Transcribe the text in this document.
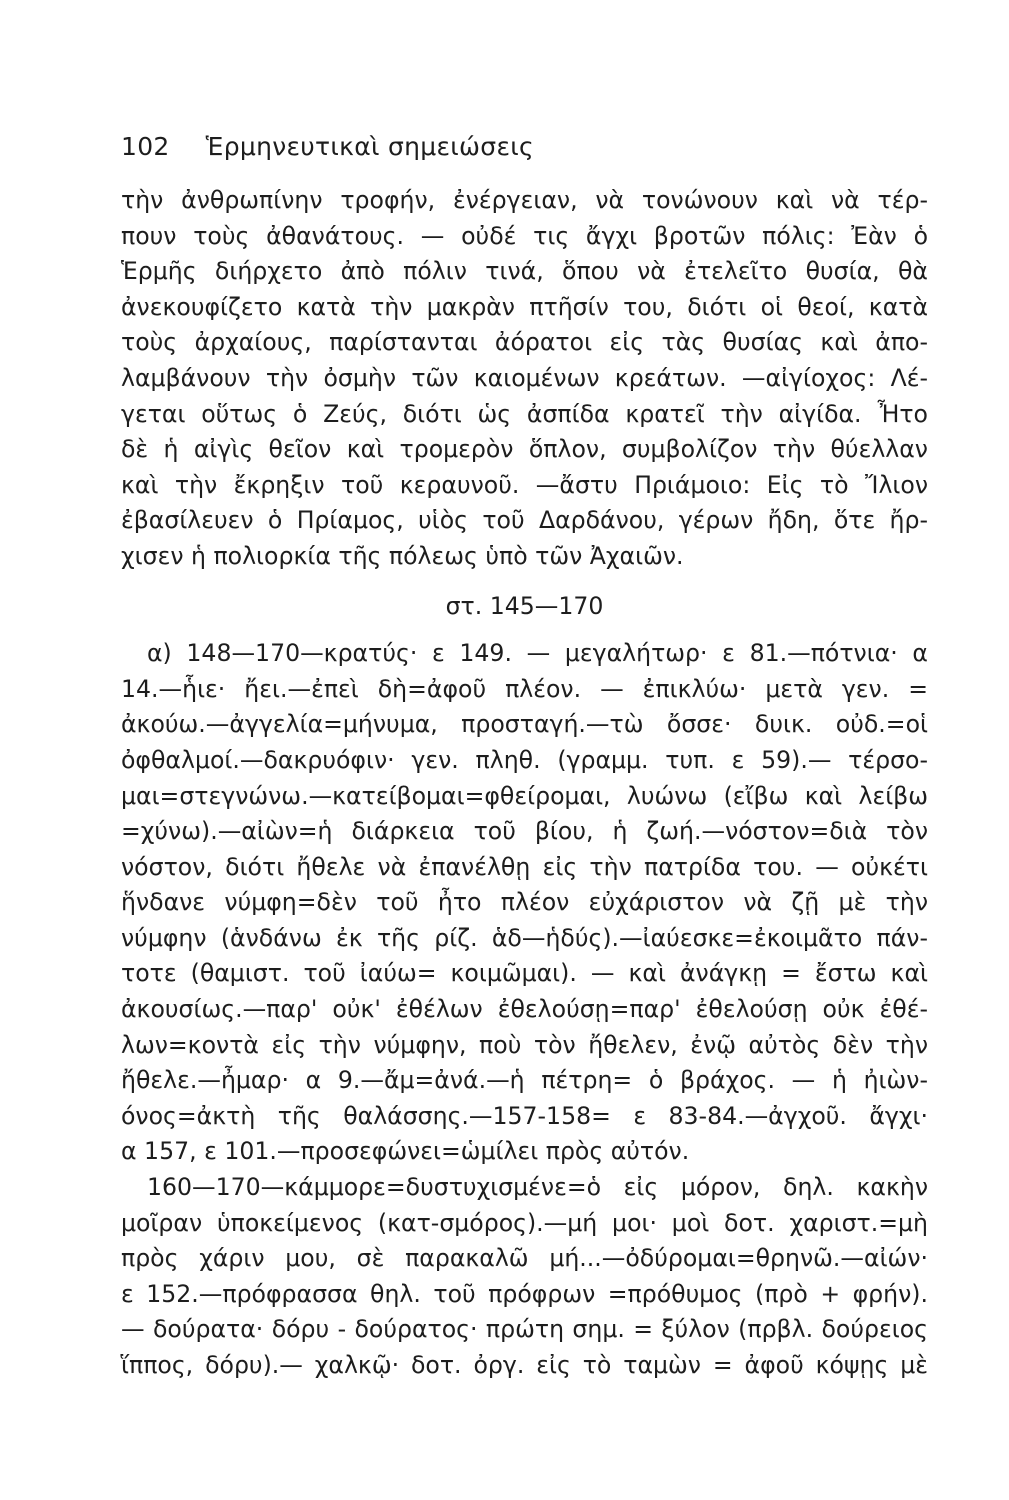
102 Ἑρμηνευτικαὶ σημειώσεις
τὴν ἀνθρωπίνην τροφήν, ἐνέργειαν, νὰ τονώνουν καὶ νὰ τέρ-
πουν τοὺς ἀθανάτους. — οὐδέ τις ἄγχι βροτῶν πόλις: Ἐὰν ὁ
Ἑρμῆς διήρχετο ἀπὸ πόλιν τινά, ὅπου νὰ ἐτελεῖτο θυσία, θὰ
ἀνεκουφίζετο κατὰ τὴν μακρὰν πτῆσίν του, διότι οἱ θεοί, κατὰ
τοὺς ἀρχαίους, παρίστανται ἀόρατοι εἰς τὰς θυσίας καὶ ἀπο-
λαμβάνουν τὴν ὀσμὴν τῶν καιομένων κρεάτων. —αἰγίοχος: Λέ-
γεται οὕτως ὁ Ζεύς, διότι ὡς ἀσπίδα κρατεῖ τὴν αἰγίδα. Ἦτο
δὲ ἡ αἰγὶς θεῖον καὶ τρομερὸν ὅπλον, συμβολίζον τὴν θύελλαν
καὶ τὴν ἔκρηξιν τοῦ κεραυνοῦ. —ἄστυ Πριάμοιο: Εἰς τὸ Ἴλιον
ἐβασίλευεν ὁ Πρίαμος, υἱὸς τοῦ Δαρδάνου, γέρων ἤδη, ὅτε ἤρ-
χισεν ἡ πολιορκία τῆς πόλεως ὑπὸ τῶν Ἀχαιῶν.
στ. 145—170
α) 148—170—κρατύς· ε 149. — μεγαλήτωρ· ε 81.—πότνια· α
14.—ἧιε· ἤει.—ἐπεὶ δὴ=ἀφοῦ πλέον. — ἐπικλύω· μετὰ γεν. =
ἀκούω.—ἀγγελία=μήνυμα, προσταγή.—τὼ ὄσσε· δυικ. οὐδ.=οἱ
ὀφθαλμοί.—δακρυόφιν· γεν. πληθ. (γραμμ. τυπ. ε 59).— τέρσο-
μαι=στεγνώνω.—κατείβομαι=φθείρομαι, λυώνω (εἴβω καὶ λείβω
=χύνω).—αἰὼν=ἡ διάρκεια τοῦ βίου, ἡ ζωή.—νόστον=διὰ τὸν
νόστον, διότι ἤθελε νὰ ἐπανέλθῃ εἰς τὴν πατρίδα του. — οὐκέτι
ἥνδανε νύμφη=δὲν τοῦ ἦτο πλέον εὐχάριστον νὰ ζῇ μὲ τὴν
νύμφην (ἁνδάνω ἐκ τῆς ρίζ. ἁδ—ἡδύς).—ἰαύεσκε=ἐκοιμᾶτο πάν-
τοτε (θαμιστ. τοῦ ἰαύω= κοιμῶμαι). — καὶ ἀνάγκῃ = ἔστω καὶ
ἀκουσίως.—παρ' οὐκ' ἐθέλων ἐθελούσῃ=παρ' ἐθελούσῃ οὐκ ἐθέ-
λων=κοντὰ εἰς τὴν νύμφην, ποὺ τὸν ἤθελεν, ἐνῷ αὐτὸς δὲν τὴν
ἤθελε.—ἦμαρ· α 9.—ἄμ=ἀνά.—ἡ πέτρη= ὁ βράχος. — ἡ ἠιὼν-
όνος=ἀκτὴ τῆς θαλάσσης.—157-158= ε 83-84.—ἀγχοῦ. ἄγχι·
α 157, ε 101.—προσεφώνει=ὡμίλει πρὸς αὐτόν.
160—170—κάμμορε=δυστυχισμένε=ὁ εἰς μόρον, δηλ. κακὴν
μοῖραν ὑποκείμενος (κατ-σμόρος).—μή μοι· μοὶ δοτ. χαριστ.=μὴ
πρὸς χάριν μου, σὲ παρακαλῶ μή...—ὀδύρομαι=θρηνῶ.—αἰών·
ε 152.—πρόφρασσα θηλ. τοῦ πρόφρων =πρόθυμος (πρὸ + φρήν).
— δούρατα· δόρυ - δούρατος· πρώτη σημ. = ξύλον (πρβλ. δούρειος
ἵππος, δόρυ).— χαλκῷ· δοτ. ὀργ. εἰς τὸ ταμὼν = ἀφοῦ κόψῃς μὲ
